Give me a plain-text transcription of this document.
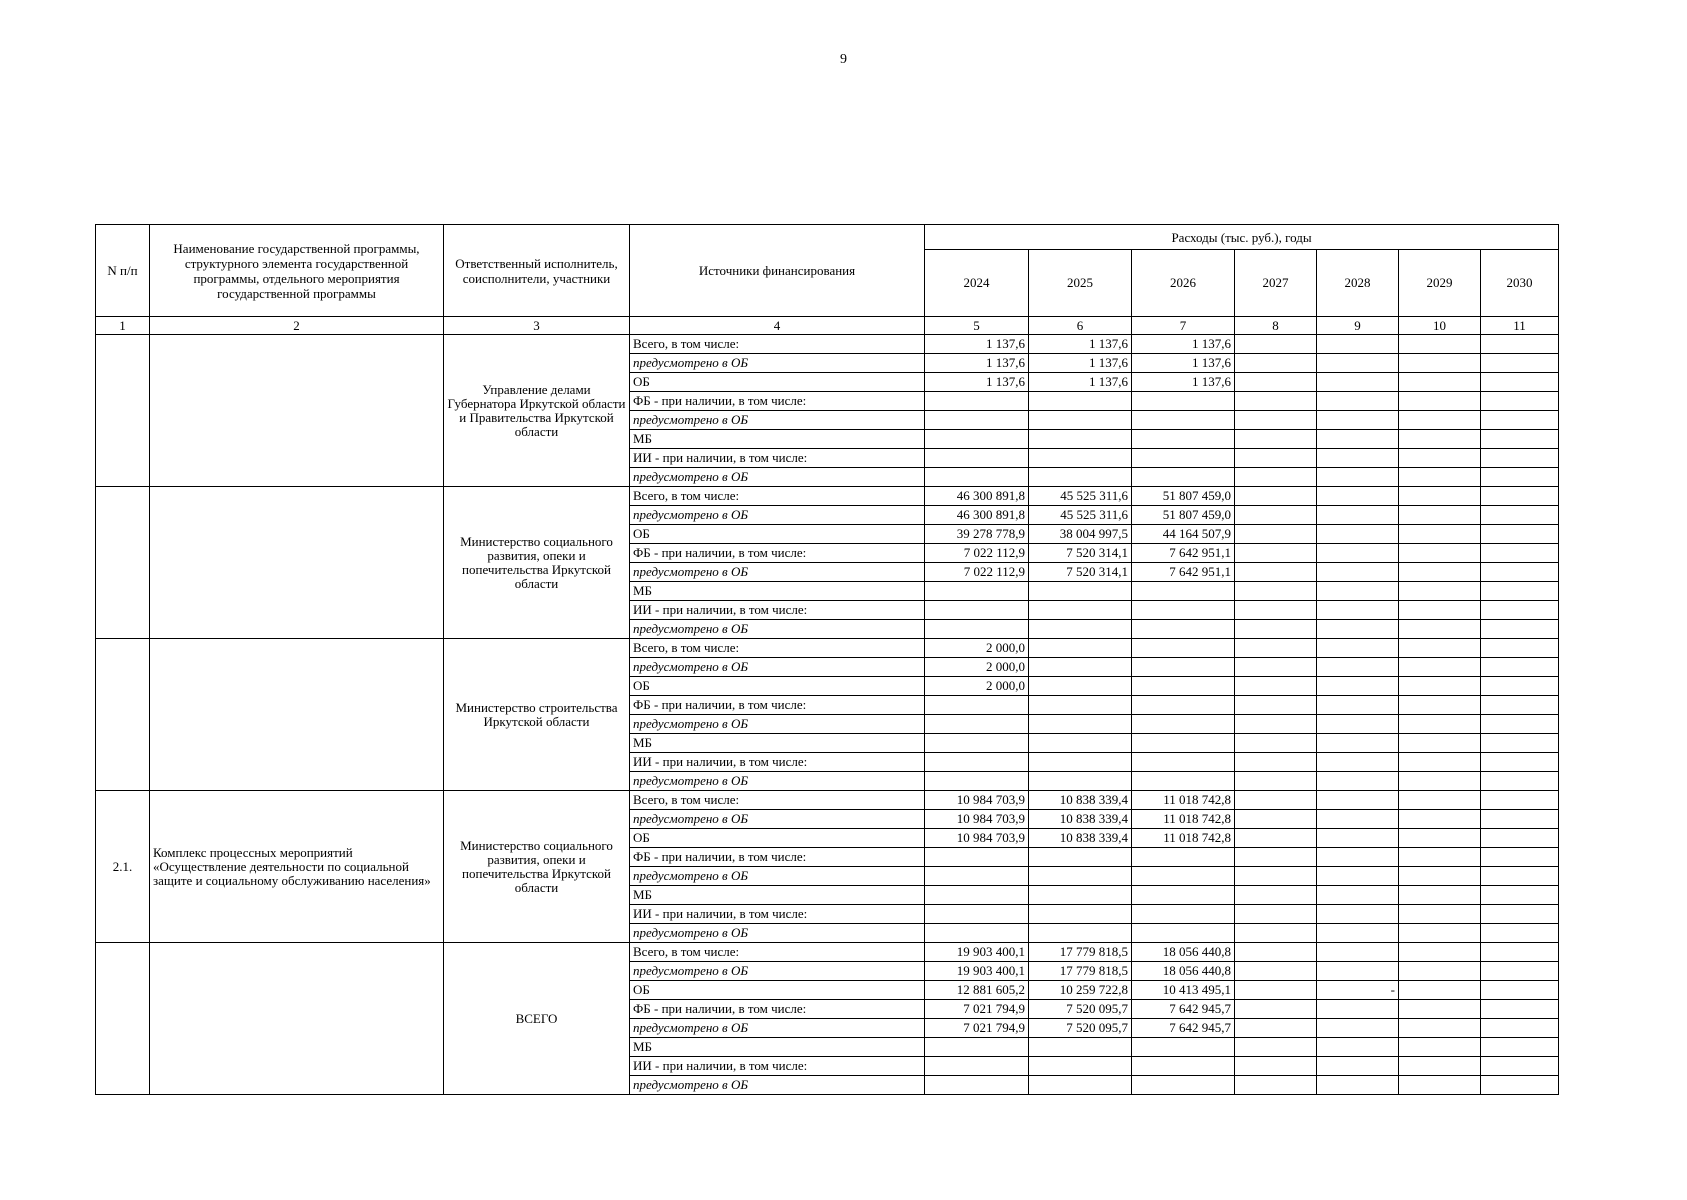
9
N п/п	Наименование государственной программы, структурного элемента государственной программы, отдельного мероприятия государственной программы	Ответственный исполнитель, соисполнители, участники	Источники финансирования	Расходы (тыс. руб.), годы						
				2024	2025	2026	2027	2028	2029	2030
1	2	3	4	5	6	7	8	9	10	11
		Управление делами Губернатора Иркутской области и Правительства Иркутской области	Всего, в том числе:	1 137,6	1 137,6	1 137,6				
			предусмотрено в ОБ	1 137,6	1 137,6	1 137,6				
			ОБ	1 137,6	1 137,6	1 137,6				
			ФБ - при наличии, в том числе:							
			предусмотрено в ОБ							
			МБ							
			ИИ - при наличии, в том числе:							
			предусмотрено в ОБ							
		Министерство социального развития, опеки и попечительства Иркутской области	Всего, в том числе:	46 300 891,8	45 525 311,6	51 807 459,0				
			предусмотрено в ОБ	46 300 891,8	45 525 311,6	51 807 459,0				
			ОБ	39 278 778,9	38 004 997,5	44 164 507,9				
			ФБ - при наличии, в том числе:	7 022 112,9	7 520 314,1	7 642 951,1				
			предусмотрено в ОБ	7 022 112,9	7 520 314,1	7 642 951,1				
			МБ							
			ИИ - при наличии, в том числе:							
			предусмотрено в ОБ							
		Министерство строительства Иркутской области	Всего, в том числе:	2 000,0						
			предусмотрено в ОБ	2 000,0						
			ОБ	2 000,0						
			ФБ - при наличии, в том числе:							
			предусмотрено в ОБ							
			МБ							
			ИИ - при наличии, в том числе:							
			предусмотрено в ОБ							
2.1.	Комплекс процессных мероприятий «Осуществление деятельности по социальной защите и социальному обслуживанию населения»	Министерство социального развития, опеки и попечительства Иркутской области	Всего, в том числе:	10 984 703,9	10 838 339,4	11 018 742,8				
			предусмотрено в ОБ	10 984 703,9	10 838 339,4	11 018 742,8				
			ОБ	10 984 703,9	10 838 339,4	11 018 742,8				
			ФБ - при наличии, в том числе:							
			предусмотрено в ОБ							
			МБ							
			ИИ - при наличии, в том числе:							
			предусмотрено в ОБ							
		ВСЕГО	Всего, в том числе:	19 903 400,1	17 779 818,5	18 056 440,8				
			предусмотрено в ОБ	19 903 400,1	17 779 818,5	18 056 440,8				
			ОБ	12 881 605,2	10 259 722,8	10 413 495,1		-		
			ФБ - при наличии, в том числе:	7 021 794,9	7 520 095,7	7 642 945,7				
			предусмотрено в ОБ	7 021 794,9	7 520 095,7	7 642 945,7				
			МБ							
			ИИ - при наличии, в том числе:							
			предусмотрено в ОБ							
